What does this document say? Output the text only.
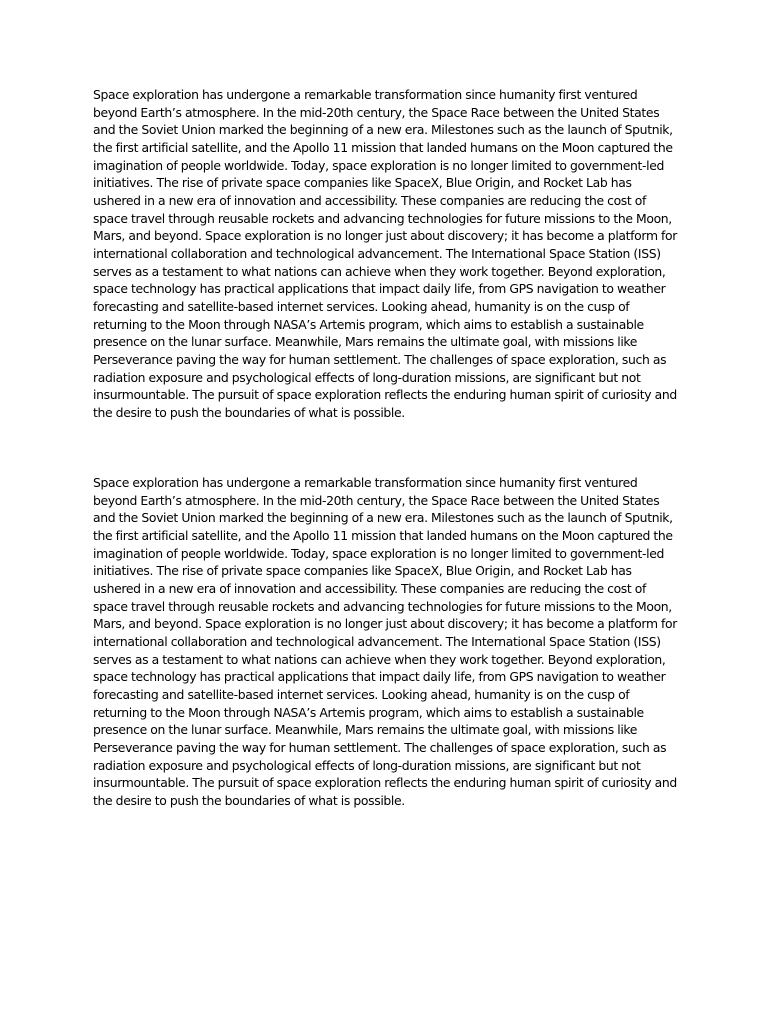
Space exploration has undergone a remarkable transformation since humanity first ventured beyond Earth’s atmosphere. In the mid-20th century, the Space Race between the United States and the Soviet Union marked the beginning of a new era. Milestones such as the launch of Sputnik, the first artificial satellite, and the Apollo 11 mission that landed humans on the Moon captured the imagination of people worldwide. Today, space exploration is no longer limited to government-led initiatives. The rise of private space companies like SpaceX, Blue Origin, and Rocket Lab has ushered in a new era of innovation and accessibility. These companies are reducing the cost of space travel through reusable rockets and advancing technologies for future missions to the Moon, Mars, and beyond. Space exploration is no longer just about discovery; it has become a platform for international collaboration and technological advancement. The International Space Station (ISS) serves as a testament to what nations can achieve when they work together. Beyond exploration, space technology has practical applications that impact daily life, from GPS navigation to weather forecasting and satellite-based internet services. Looking ahead, humanity is on the cusp of returning to the Moon through NASA’s Artemis program, which aims to establish a sustainable presence on the lunar surface. Meanwhile, Mars remains the ultimate goal, with missions like Perseverance paving the way for human settlement. The challenges of space exploration, such as radiation exposure and psychological effects of long-duration missions, are significant but not insurmountable. The pursuit of space exploration reflects the enduring human spirit of curiosity and the desire to push the boundaries of what is possible.

Space exploration has undergone a remarkable transformation since humanity first ventured beyond Earth’s atmosphere. In the mid-20th century, the Space Race between the United States and the Soviet Union marked the beginning of a new era. Milestones such as the launch of Sputnik, the first artificial satellite, and the Apollo 11 mission that landed humans on the Moon captured the imagination of people worldwide. Today, space exploration is no longer limited to government-led initiatives. The rise of private space companies like SpaceX, Blue Origin, and Rocket Lab has ushered in a new era of innovation and accessibility. These companies are reducing the cost of space travel through reusable rockets and advancing technologies for future missions to the Moon, Mars, and beyond. Space exploration is no longer just about discovery; it has become a platform for international collaboration and technological advancement. The International Space Station (ISS) serves as a testament to what nations can achieve when they work together. Beyond exploration, space technology has practical applications that impact daily life, from GPS navigation to weather forecasting and satellite-based internet services. Looking ahead, humanity is on the cusp of returning to the Moon through NASA’s Artemis program, which aims to establish a sustainable presence on the lunar surface. Meanwhile, Mars remains the ultimate goal, with missions like Perseverance paving the way for human settlement. The challenges of space exploration, such as radiation exposure and psychological effects of long-duration missions, are significant but not insurmountable. The pursuit of space exploration reflects the enduring human spirit of curiosity and the desire to push the boundaries of what is possible.
